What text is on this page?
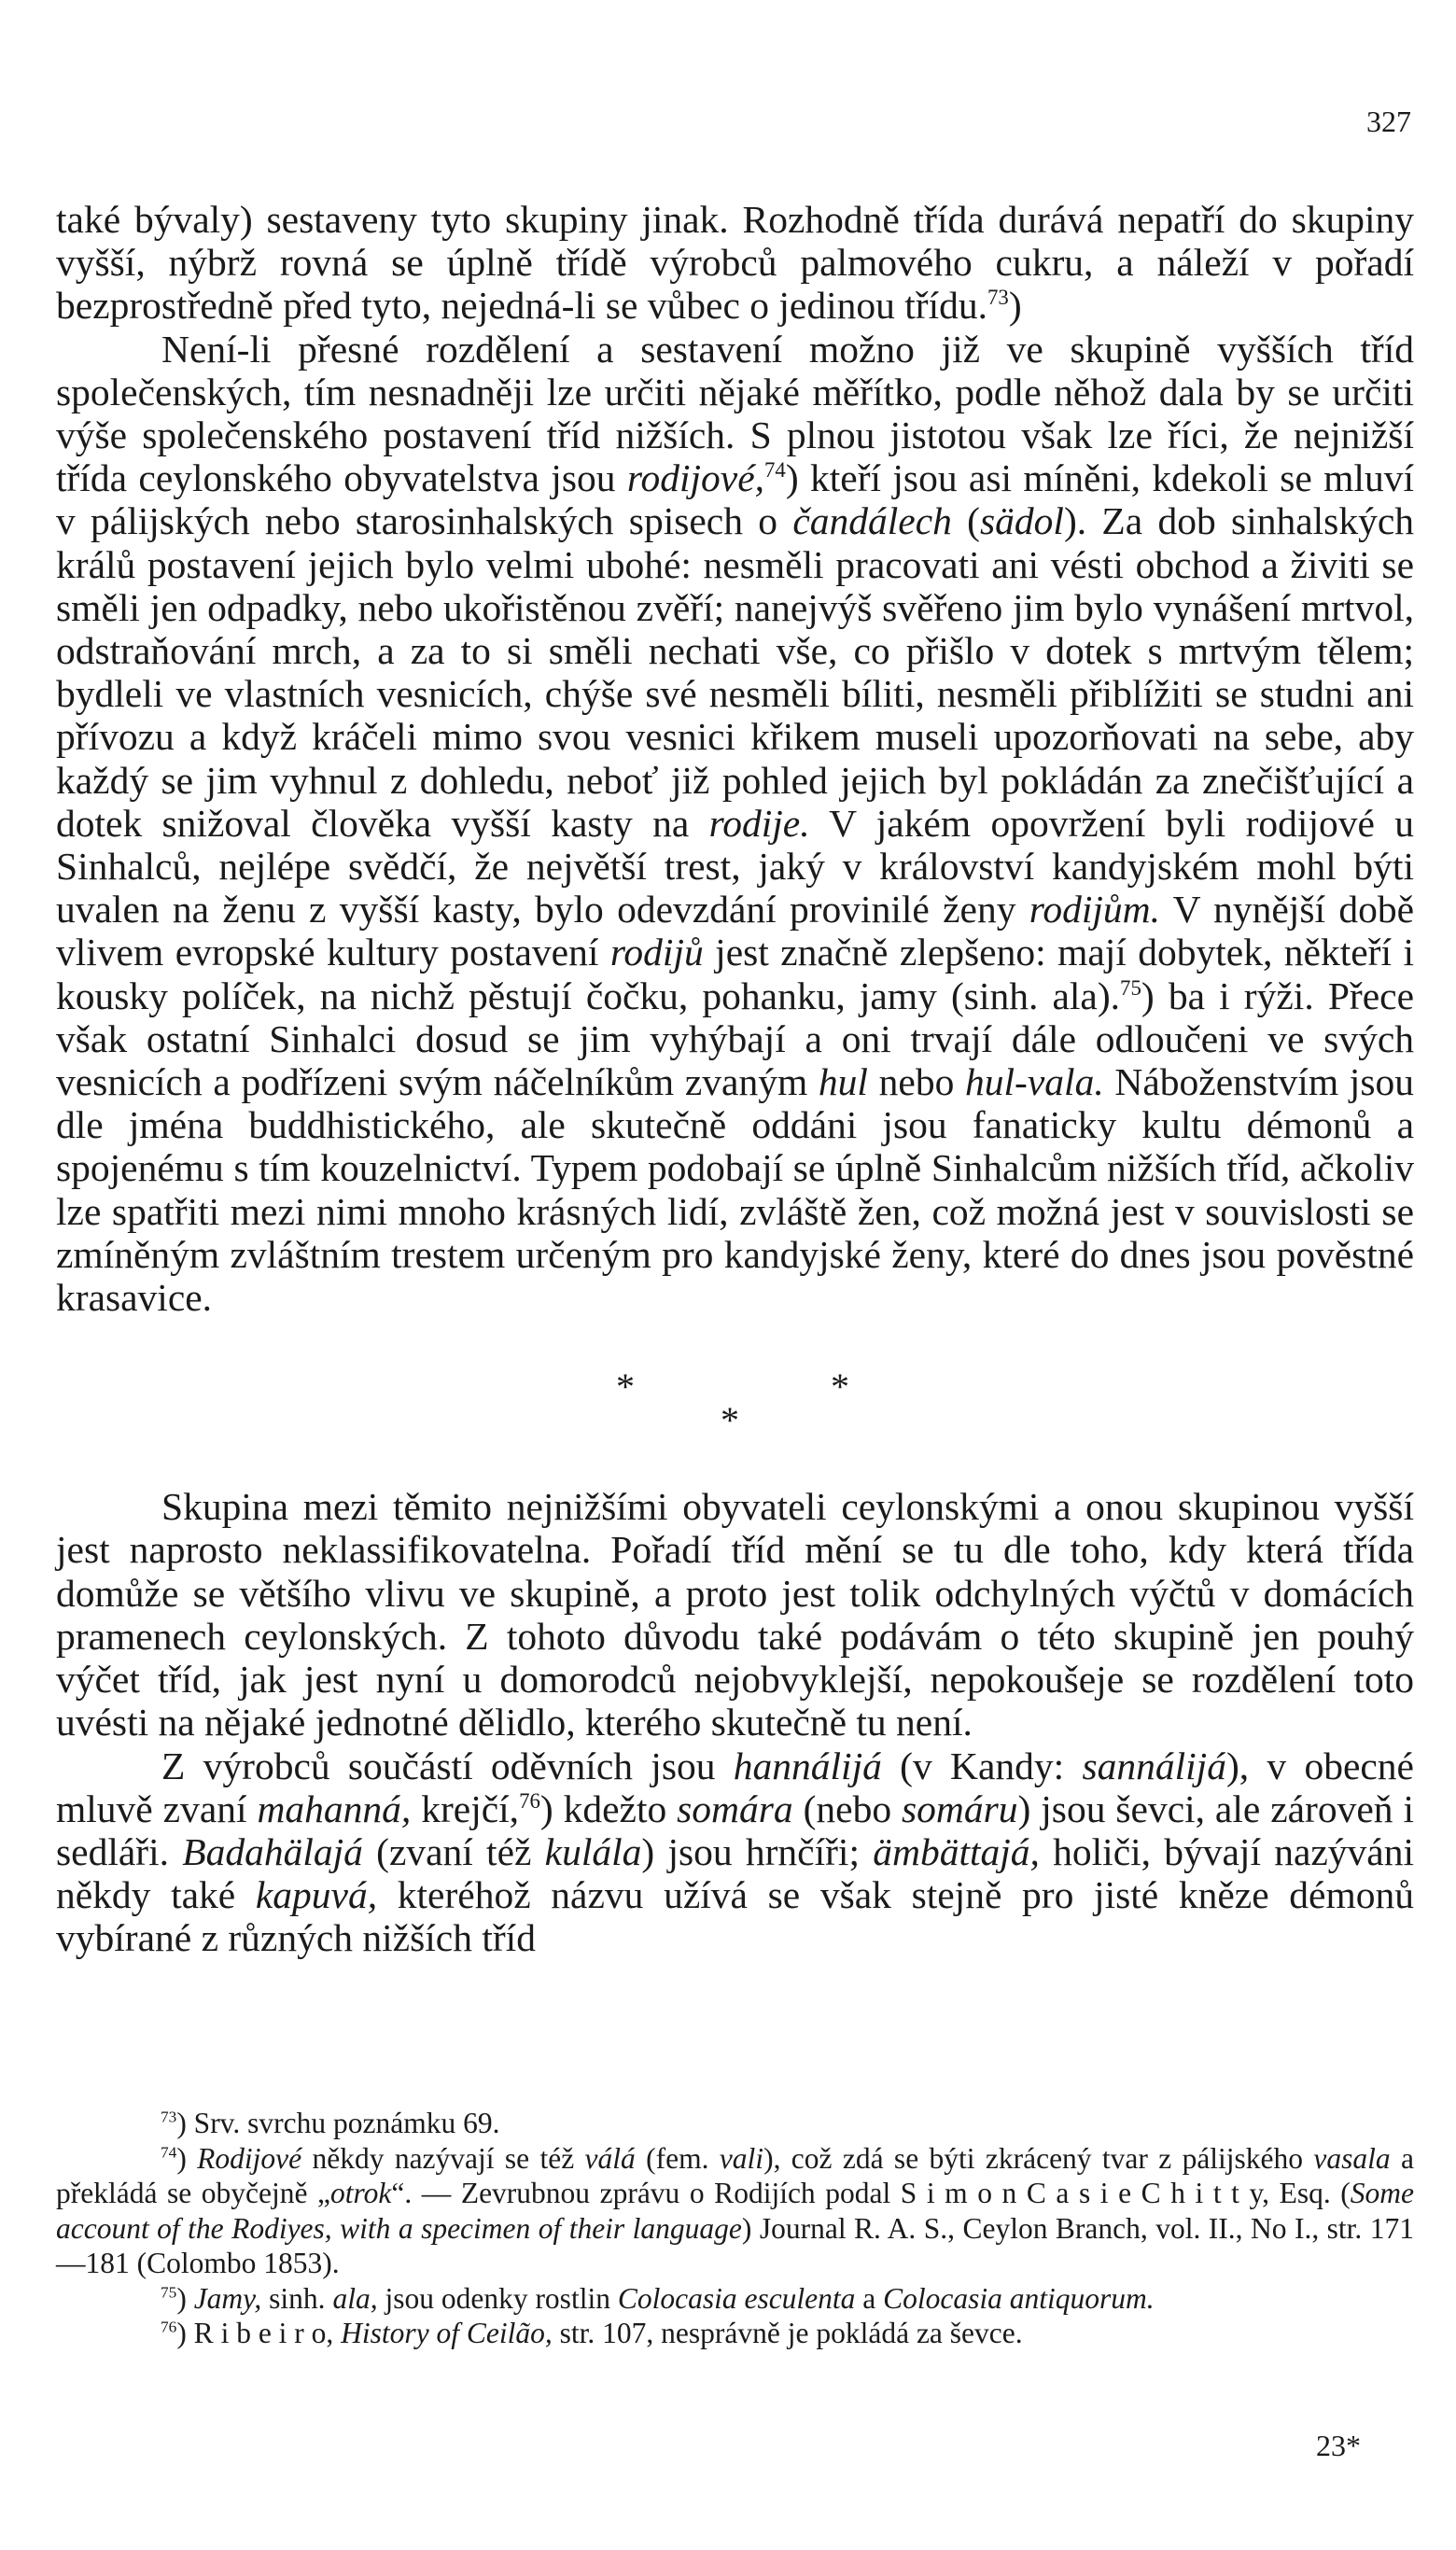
327

také bývaly) sestaveny tyto skupiny jinak. Rozhodně třída durává nepatří do skupiny vyšší, nýbrž rovná se úplně třídě výrobců palmového cukru, a náleží v pořadí bezprostředně před tyto, nejedná-li se vůbec o jedinou třídu.$^{73}$)

Není-li přesné rozdělení a sestavení možno již ve skupině vyšších tříd společenských, tím nesnadněji lze určiti nějaké měřítko, podle něhož dala by se určiti výše společenského postavení tříd nižších. S plnou jistotou však lze říci, že nejnižší třída ceylonského obyvatelstva jsou rodijové,$^{74}$) kteří jsou asi míněni, kdekoli se mluví v pálijských nebo starosinhalských spisech o čandálech (sädol). Za dob sinhalských králů postavení jejich bylo velmi ubohé: nesměli pracovati ani vésti obchod a živiti se směli jen odpadky, nebo ukořistěnou zvěří; nanejvýš svěřeno jim bylo vynášení mrtvol, odstraňování mrch, a za to si směli nechati vše, co přišlo v dotek s mrtvým tělem; bydleli ve vlastních vesnicích, chýše své nesměli bíliti, nesměli přiblížiti se studni ani přívozu a když kráčeli mimo svou vesnici křikem museli upozorňovati na sebe, aby každý se jim vyhnul z dohledu, neboť již pohled jejich byl pokládán za znečišťující a dotek snižoval člověka vyšší kasty na rodije. V jakém opovržení byli rodijové u Sinhalců, nejlépe svědčí, že největší trest, jaký v království kandyjském mohl býti uvalen na ženu z vyšší kasty, bylo odevzdání provinilé ženy rodijům. V nynější době vlivem evropské kultury postavení rodijů jest značně zlepšeno: mají dobytek, někteří i kousky políček, na nichž pěstují čočku, pohanku, jamy (sinh. ala).$^{75}$) ba i rýži. Přece však ostatní Sinhalci dosud se jim vyhýbají a oni trvají dále odloučeni ve svých vesnicích a podřízeni svým náčelníkům zvaným hul nebo hul-vala. Náboženstvím jsou dle jména buddhistického, ale skutečně oddáni jsou fanaticky kultu démonů a spojenému s tím kouzelnictví. Typem podobají se úplně Sinhalcům nižších tříd, ačkoliv lze spatřiti mezi nimi mnoho krásných lidí, zvláště žen, což možná jest v souvislosti se zmíněným zvláštním trestem určeným pro kandyjské ženy, které do dnes jsou pověstné krasavice.

*	*
*

Skupina mezi těmito nejnižšími obyvateli ceylonskými a onou skupinou vyšší jest naprosto neklassifikovatelna. Pořadí tříd mění se tu dle toho, kdy která třída domůže se většího vlivu ve skupině, a proto jest tolik odchylných výčtů v domácích pramenech ceylonských. Z tohoto důvodu také podávám o této skupině jen pouhý výčet tříd, jak jest nyní u domorodců nejobvyklejší, nepokoušeje se rozdělení toto uvésti na nějaké jednotné dělidlo, kterého skutečně tu není.

Z výrobců součástí oděvních jsou hannálijá (v Kandy: sannálijá), v obecné mluvě zvaní mahanná, krejčí,$^{76}$) kdežto somára (nebo somáru) jsou ševci, ale zároveň i sedláři. Badahälajá (zvaní též kulála) jsou hrnčíři; ämbättajá, holiči, bývají nazýváni někdy také kapuvá, kteréhož názvu užívá se však stejně pro jisté kněze démonů vybírané z různých nižších tříd

$^{73}$) Srv. svrchu poznámku 69.

$^{74}$) Rodijové někdy nazývají se též válá (fem. vali), což zdá se býti zkrácený tvar z pálijského vasala a překládá se obyčejně „otrok“. — Zevrubnou zprávu o Rodijích podal S i m o n C a s i e C h i t t y, Esq. (Some account of the Rodiyes, with a specimen of their language) Journal R. A. S., Ceylon Branch, vol. II., No I., str. 171—181 (Colombo 1853).

$^{75}$) Jamy, sinh. ala, jsou odenky rostlin Colocasia esculenta a Colocasia antiquorum.

$^{76}$) R i b e i r o, History of Ceilão, str. 107, nesprávně je pokládá za ševce.

23*
